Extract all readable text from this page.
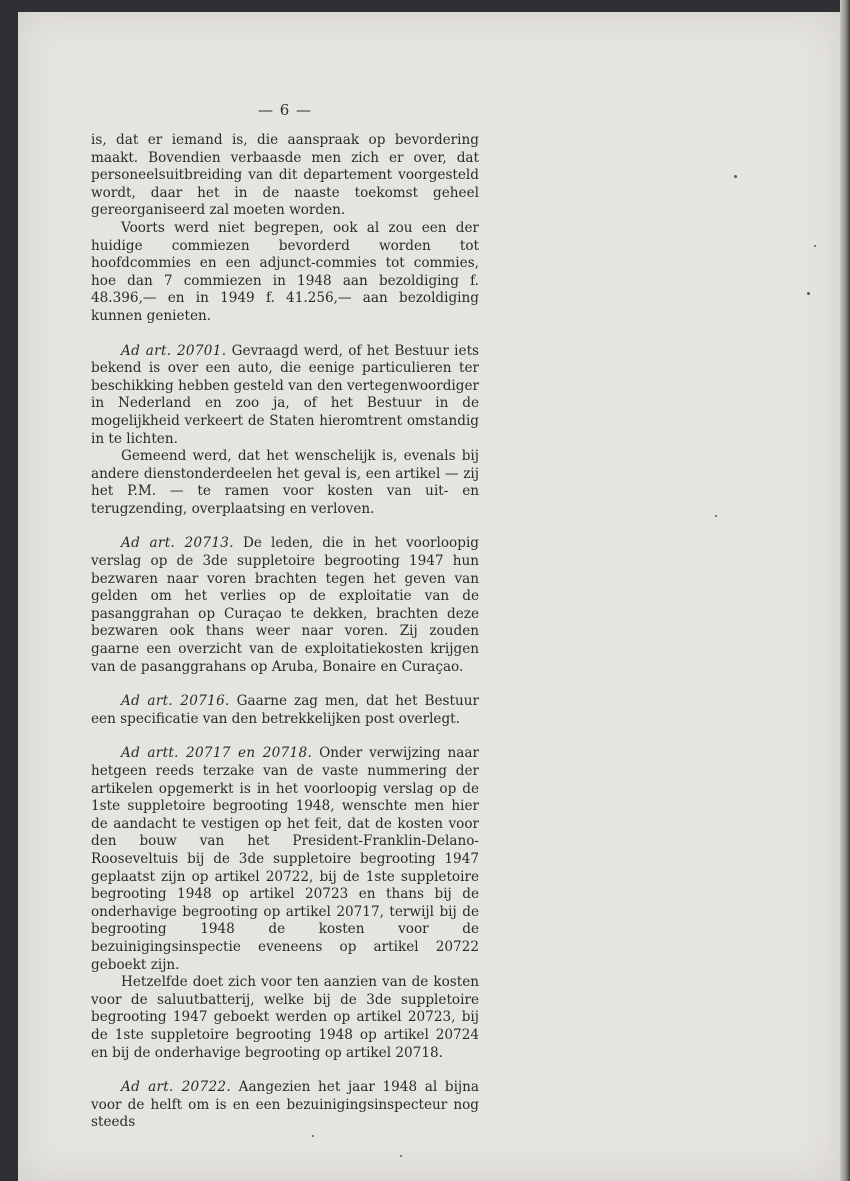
— 6 —

is, dat er iemand is, die aanspraak op bevordering maakt. Bovendien verbaasde men zich er over, dat personeelsuitbreiding van dit departement voorgesteld wordt, daar het in de naaste toekomst geheel gereorganiseerd zal moeten worden.

Voorts werd niet begrepen, ook al zou een der huidige commiezen bevorderd worden tot hoofdcommies en een adjunct-commies tot commies, hoe dan 7 commiezen in 1948 aan bezoldiging f. 48.396,— en in 1949 f. 41.256,— aan bezoldiging kunnen genieten.

Ad art. 20701. Gevraagd werd, of het Bestuur iets bekend is over een auto, die eenige particulieren ter beschikking hebben gesteld van den vertegenwoordiger in Nederland en zoo ja, of het Bestuur in de mogelijkheid verkeert de Staten hieromtrent omstandig in te lichten.

Gemeend werd, dat het wenschelijk is, evenals bij andere dienstonderdeelen het geval is, een artikel — zij het P.M. — te ramen voor kosten van uit- en terugzending, overplaatsing en verloven.

Ad art. 20713. De leden, die in het voorloopig verslag op de 3de suppletoire begrooting 1947 hun bezwaren naar voren brachten tegen het geven van gelden om het verlies op de exploitatie van de pasanggrahan op Curaçao te dekken, brachten deze bezwaren ook thans weer naar voren. Zij zouden gaarne een overzicht van de exploitatiekosten krijgen van de pasanggrahans op Aruba, Bonaire en Curaçao.

Ad art. 20716. Gaarne zag men, dat het Bestuur een specificatie van den betrekkelijken post overlegt.

Ad artt. 20717 en 20718. Onder verwijzing naar hetgeen reeds terzake van de vaste nummering der artikelen opgemerkt is in het voorloopig verslag op de 1ste suppletoire begrooting 1948, wenschte men hier de aandacht te vestigen op het feit, dat de kosten voor den bouw van het President-Franklin-Delano-Rooseveltuis bij de 3de suppletoire begrooting 1947 geplaatst zijn op artikel 20722, bij de 1ste suppletoire begrooting 1948 op artikel 20723 en thans bij de onderhavige begrooting op artikel 20717, terwijl bij de begrooting 1948 de kosten voor de bezuinigingsinspectie eveneens op artikel 20722 geboekt zijn.

Hetzelfde doet zich voor ten aanzien van de kosten voor de saluutbatterij, welke bij de 3de suppletoire begrooting 1947 geboekt werden op artikel 20723, bij de 1ste suppletoire begrooting 1948 op artikel 20724 en bij de onderhavige begrooting op artikel 20718.

Ad art. 20722. Aangezien het jaar 1948 al bijna voor de helft om is en een bezuinigingsinspecteur nog steeds
